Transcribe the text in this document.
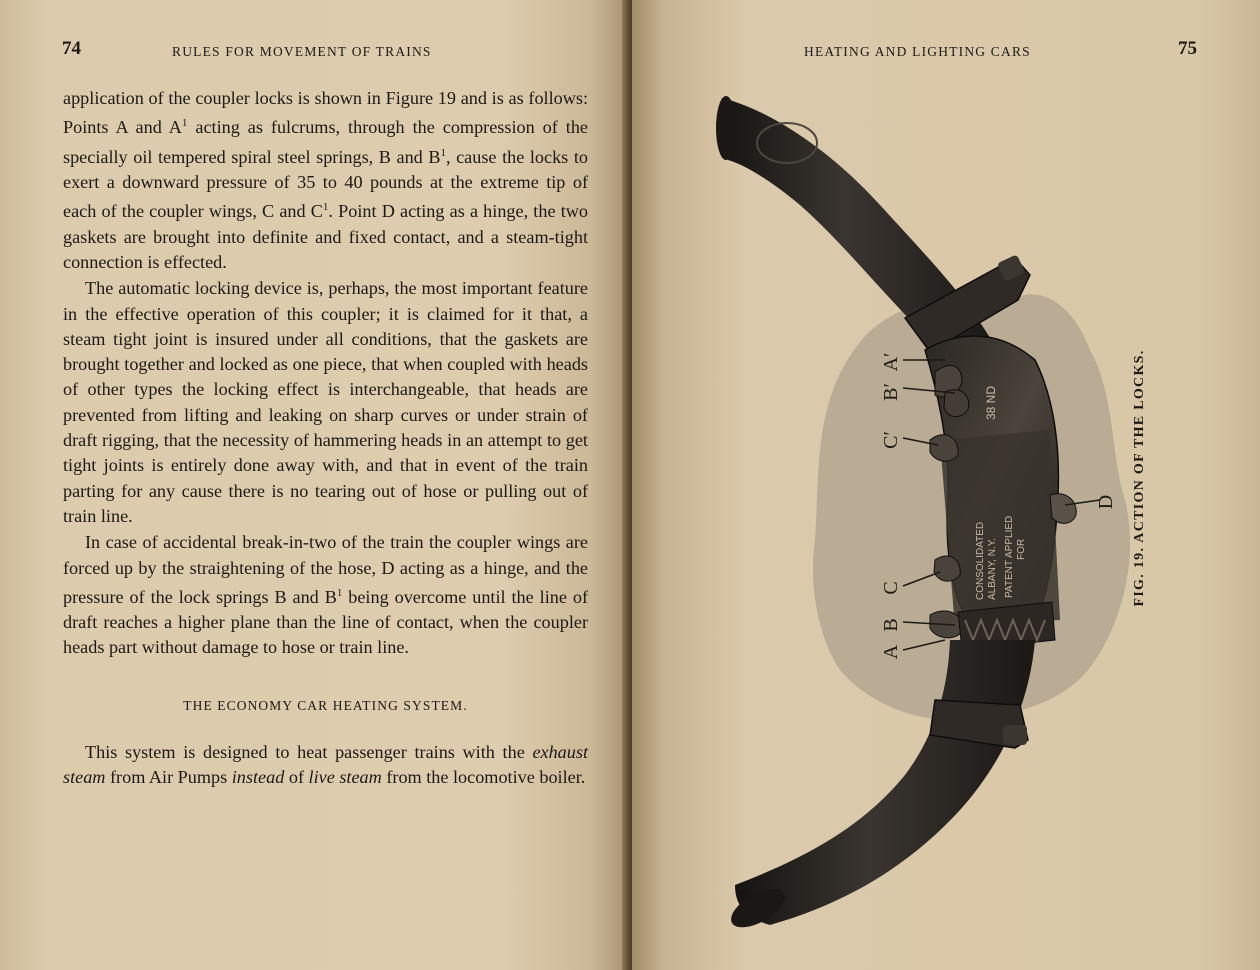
74	RULES FOR MOVEMENT OF TRAINS

application of the coupler locks is shown in Figure 19 and is as follows: Points A and $A^1$ acting as fulcrums, through the compression of the specially oil tempered spiral steel springs, B and $B^1$, cause the locks to exert a downward pressure of 35 to 40 pounds at the extreme tip of each of the coupler wings, C and $C^1$. Point D acting as a hinge, the two gaskets are brought into definite and fixed contact, and a steam-tight connection is effected.

The automatic locking device is, perhaps, the most important feature in the effective operation of this coupler; it is claimed for it that, a steam tight joint is insured under all conditions, that the gaskets are brought together and locked as one piece, that when coupled with heads of other types the locking effect is interchangeable, that heads are prevented from lifting and leaking on sharp curves or under strain of draft rigging, that the necessity of hammering heads in an attempt to get tight joints is entirely done away with, and that in event of the train parting for any cause there is no tearing out of hose or pulling out of train line.

In case of accidental break-in-two of the train the coupler wings are forced up by the straightening of the hose, D acting as a hinge, and the pressure of the lock springs B and $B^1$ being overcome until the line of draft reaches a higher plane than the line of contact, when the coupler heads part without damage to hose or train line.

THE ECONOMY CAR HEATING SYSTEM.

This system is designed to heat passenger trains with the exhaust steam from Air Pumps instead of live steam from the locomotive boiler.

HEATING AND LIGHTING CARS	75
A′
B′
C′
C
B
A
D
CONSOLIDATED ALBANY, N.Y. PATENT APPLIED FOR
38 ND	FIG. 19. ACTION OF THE LOCKS.
